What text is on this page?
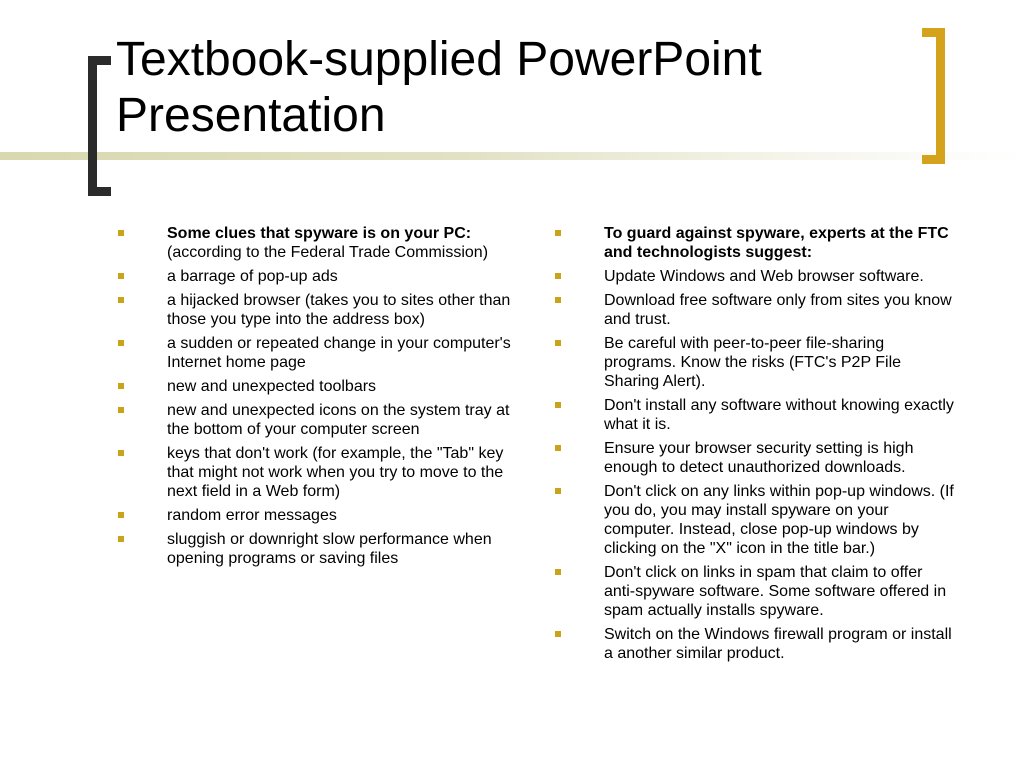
Textbook-supplied PowerPoint
Presentation
Some clues that spyware is on your PC: (according to the Federal Trade Commission)
a barrage of pop-up ads
a hijacked browser (takes you to sites other than those you type into the address box)
a sudden or repeated change in your computer's Internet home page
new and unexpected toolbars
new and unexpected icons on the system tray at the bottom of your computer screen
keys that don't work (for example, the "Tab" key that might not work when you try to move to the next field in a Web form)
random error messages
sluggish or downright slow performance when opening programs or saving files
To guard against spyware, experts at the FTC and technologists suggest:
Update Windows and Web browser software.
Download free software only from sites you know and trust.
Be careful with peer-to-peer file-sharing programs. Know the risks (FTC's P2P File Sharing Alert).
Don't install any software without knowing exactly what it is.
Ensure your browser security setting is high enough to detect unauthorized downloads.
Don't click on any links within pop-up windows. (If you do, you may install spyware on your computer. Instead, close pop-up windows by clicking on the "X" icon in the title bar.)
Don't click on links in spam that claim to offer anti-spyware software. Some software offered in spam actually installs spyware.
Switch on the Windows firewall program or install a another similar product.
